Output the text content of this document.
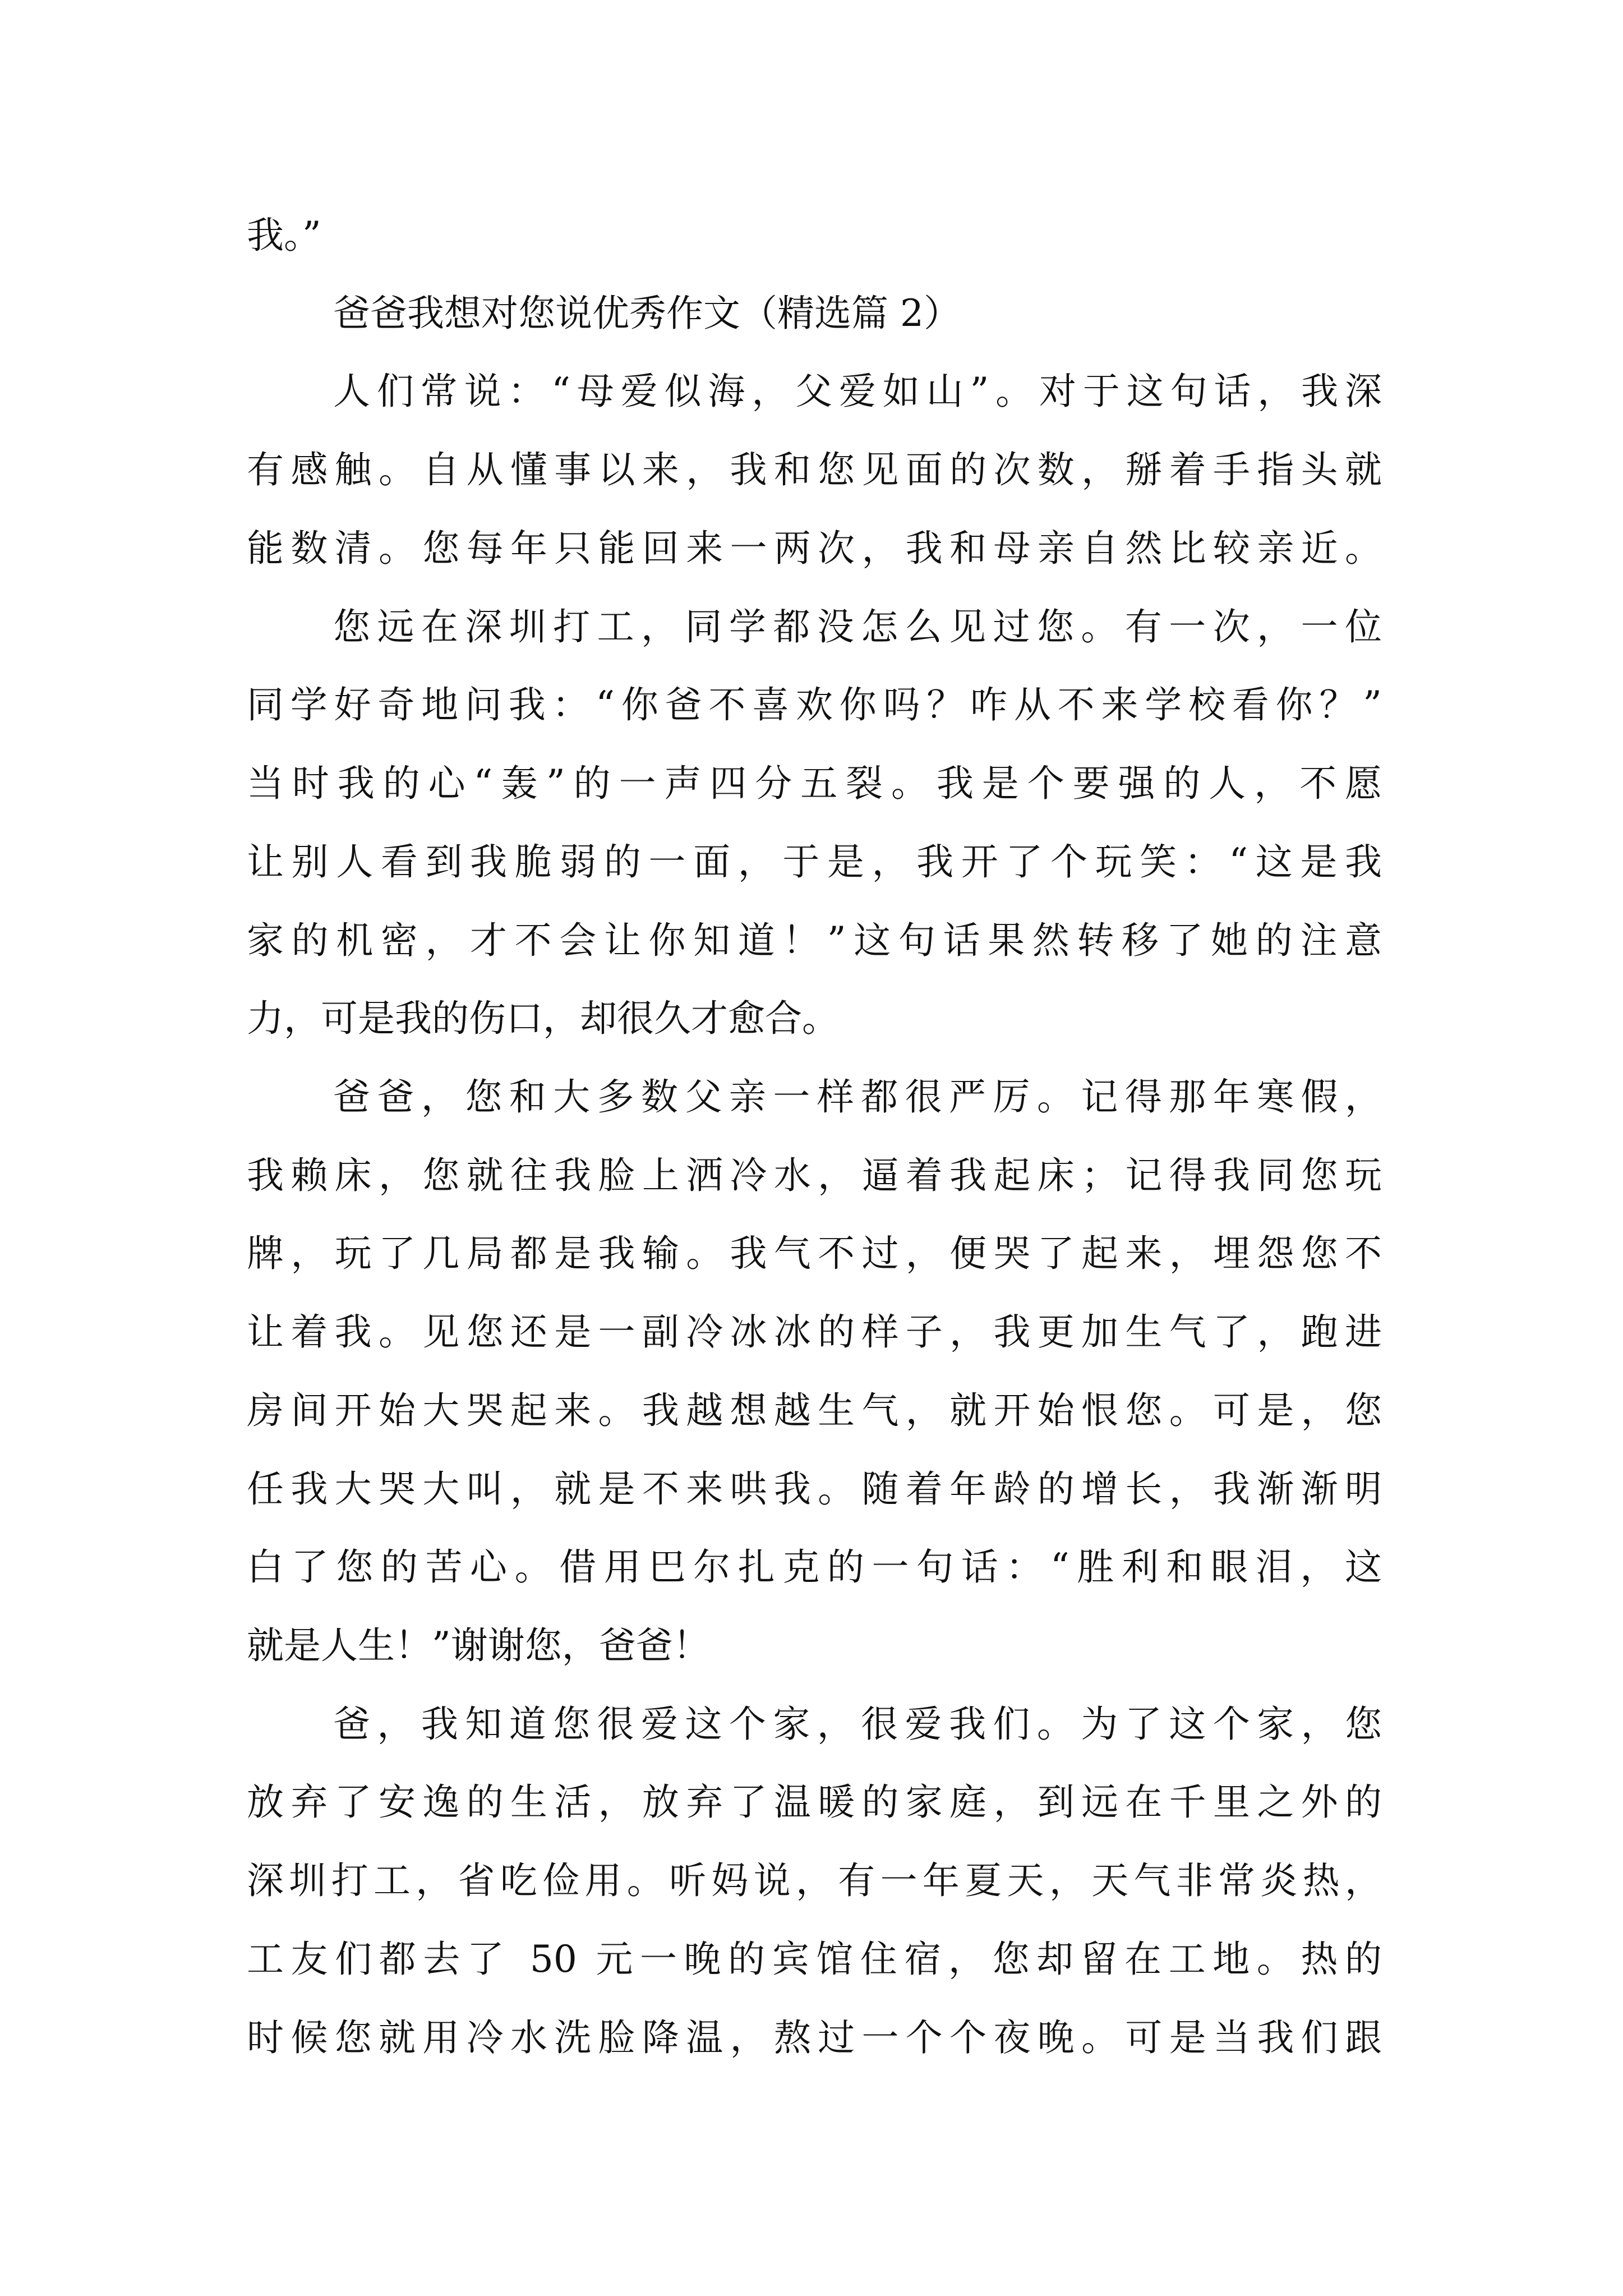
我。”
爸爸我想对您说优秀作文（精选篇 2）
人们常说：“母爱似海，父爱如山”。对于这句话，我深
有感触。自从懂事以来，我和您见面的次数，掰着手指头就
能数清。您每年只能回来一两次，我和母亲自然比较亲近。
您远在深圳打工，同学都没怎么见过您。有一次，一位
同学好奇地问我：“你爸不喜欢你吗？咋从不来学校看你？”
当时我的心“轰”的一声四分五裂。我是个要强的人，不愿
让别人看到我脆弱的一面，于是，我开了个玩笑：“这是我
家的机密，才不会让你知道！”这句话果然转移了她的注意
力，可是我的伤口，却很久才愈合。
爸爸，您和大多数父亲一样都很严厉。记得那年寒假，
我赖床，您就往我脸上洒冷水，逼着我起床；记得我同您玩
牌，玩了几局都是我输。我气不过，便哭了起来，埋怨您不
让着我。见您还是一副冷冰冰的样子，我更加生气了，跑进
房间开始大哭起来。我越想越生气，就开始恨您。可是，您
任我大哭大叫，就是不来哄我。随着年龄的增长，我渐渐明
白了您的苦心。借用巴尔扎克的一句话：“胜利和眼泪，这
就是人生！”谢谢您，爸爸！
爸，我知道您很爱这个家，很爱我们。为了这个家，您
放弃了安逸的生活，放弃了温暖的家庭，到远在千里之外的
深圳打工，省吃俭用。听妈说，有一年夏天，天气非常炎热，
工友们都去了 50 元一晚的宾馆住宿，您却留在工地。热的
时候您就用冷水洗脸降温，熬过一个个夜晚。可是当我们跟
